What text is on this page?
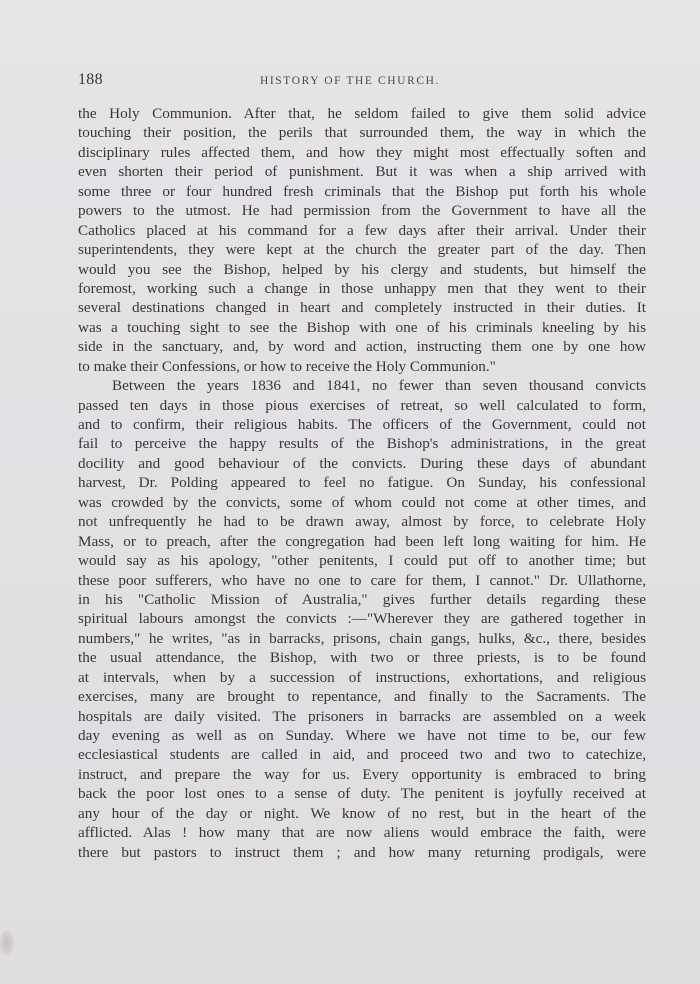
188	HISTORY OF THE CHURCH.
the Holy Communion. After that, he seldom failed to give them solid advice
touching their position, the perils that surrounded them, the way in which the
disciplinary rules affected them, and how they might most effectually soften and
even shorten their period of punishment. But it was when a ship arrived with
some three or four hundred fresh criminals that the Bishop put forth his whole
powers to the utmost. He had permission from the Government to have all the
Catholics placed at his command for a few days after their arrival. Under their
superintendents, they were kept at the church the greater part of the day. Then
would you see the Bishop, helped by his clergy and students, but himself the
foremost, working such a change in those unhappy men that they went to their
several destinations changed in heart and completely instructed in their duties. It
was a touching sight to see the Bishop with one of his criminals kneeling by his
side in the sanctuary, and, by word and action, instructing them one by one how
to make their Confessions, or how to receive the Holy Communion."
Between the years 1836 and 1841, no fewer than seven thousand convicts
passed ten days in those pious exercises of retreat, so well calculated to form,
and to confirm, their religious habits. The officers of the Government, could not
fail to perceive the happy results of the Bishop's administrations, in the great
docility and good behaviour of the convicts. During these days of abundant
harvest, Dr. Polding appeared to feel no fatigue. On Sunday, his confessional
was crowded by the convicts, some of whom could not come at other times, and
not unfrequently he had to be drawn away, almost by force, to celebrate Holy
Mass, or to preach, after the congregation had been left long waiting for him. He
would say as his apology, "other penitents, I could put off to another time; but
these poor sufferers, who have no one to care for them, I cannot." Dr. Ullathorne,
in his "Catholic Mission of Australia," gives further details regarding these
spiritual labours amongst the convicts :—"Wherever they are gathered together in
numbers," he writes, "as in barracks, prisons, chain gangs, hulks, &c., there, besides
the usual attendance, the Bishop, with two or three priests, is to be found
at intervals, when by a succession of instructions, exhortations, and religious
exercises, many are brought to repentance, and finally to the Sacraments. The
hospitals are daily visited. The prisoners in barracks are assembled on a week
day evening as well as on Sunday. Where we have not time to be, our few
ecclesiastical students are called in aid, and proceed two and two to catechize,
instruct, and prepare the way for us. Every opportunity is embraced to bring
back the poor lost ones to a sense of duty. The penitent is joyfully received at
any hour of the day or night. We know of no rest, but in the heart of the
afflicted. Alas ! how many that are now aliens would embrace the faith, were
there but pastors to instruct them ; and how many returning prodigals, were
